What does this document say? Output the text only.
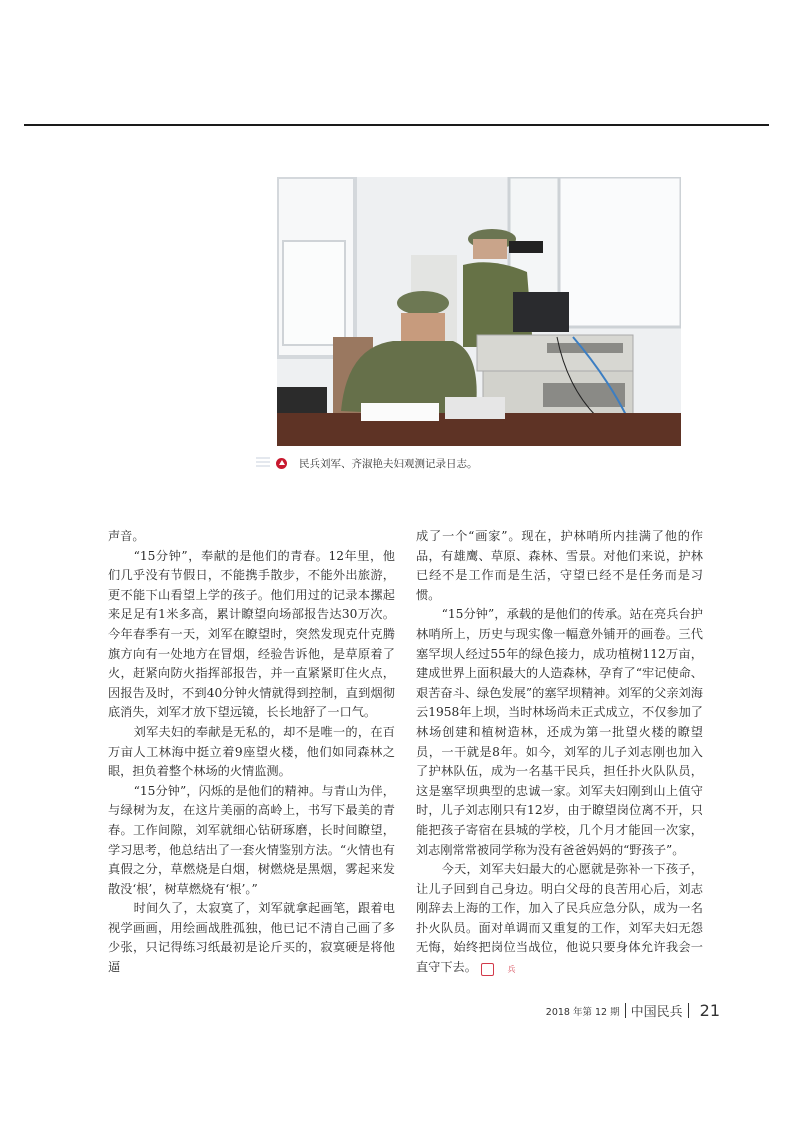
民兵刘军、齐淑艳夫妇观测记录日志。

声音。

“15分钟”，奉献的是他们的青春。12年里，他们几乎没有节假日，不能携手散步，不能外出旅游，更不能下山看望上学的孩子。他们用过的记录本摞起来足足有1米多高，累计瞭望向场部报告达30万次。今年春季有一天，刘军在瞭望时，突然发现克什克腾旗方向有一处地方在冒烟，经验告诉他，是草原着了火，赶紧向防火指挥部报告，并一直紧紧盯住火点，因报告及时，不到40分钟火情就得到控制，直到烟彻底消失，刘军才放下望远镜，长长地舒了一口气。

刘军夫妇的奉献是无私的，却不是唯一的，在百万亩人工林海中挺立着9座望火楼，他们如同森林之眼，担负着整个林场的火情监测。

“15分钟”，闪烁的是他们的精神。与青山为伴，与绿树为友，在这片美丽的高岭上，书写下最美的青春。工作间隙，刘军就细心钻研琢磨，长时间瞭望，学习思考，他总结出了一套火情鉴别方法。“火情也有真假之分，草燃烧是白烟，树燃烧是黑烟，雾起来发散没‘根’，树草燃烧有‘根’。”

时间久了，太寂寞了，刘军就拿起画笔，跟着电视学画画，用绘画战胜孤独，他已记不清自己画了多少张，只记得练习纸最初是论斤买的，寂寞硬是将他逼

成了一个“画家”。现在，护林哨所内挂满了他的作品，有雄鹰、草原、森林、雪景。对他们来说，护林已经不是工作而是生活，守望已经不是任务而是习惯。

“15分钟”，承载的是他们的传承。站在亮兵台护林哨所上，历史与现实像一幅意外铺开的画卷。三代塞罕坝人经过55年的绿色接力，成功植树112万亩，建成世界上面积最大的人造森林，孕育了“牢记使命、艰苦奋斗、绿色发展”的塞罕坝精神。刘军的父亲刘海云1958年上坝，当时林场尚未正式成立，不仅参加了林场创建和植树造林，还成为第一批望火楼的瞭望员，一干就是8年。如今，刘军的儿子刘志刚也加入了护林队伍，成为一名基干民兵，担任扑火队队员，这是塞罕坝典型的忠诚一家。刘军夫妇刚到山上值守时，儿子刘志刚只有12岁，由于瞭望岗位离不开，只能把孩子寄宿在县城的学校，几个月才能回一次家，刘志刚常常被同学称为没有爸爸妈妈的“野孩子”。

今天，刘军夫妇最大的心愿就是弥补一下孩子，让儿子回到自己身边。明白父母的良苦用心后，刘志刚辞去上海的工作，加入了民兵应急分队，成为一名扑火队员。面对单调而又重复的工作，刘军夫妇无怨无悔，始终把岗位当战位，他说只要身体允许我会一直守下去。	兵

2018 年第 12 期 中国民兵 21
